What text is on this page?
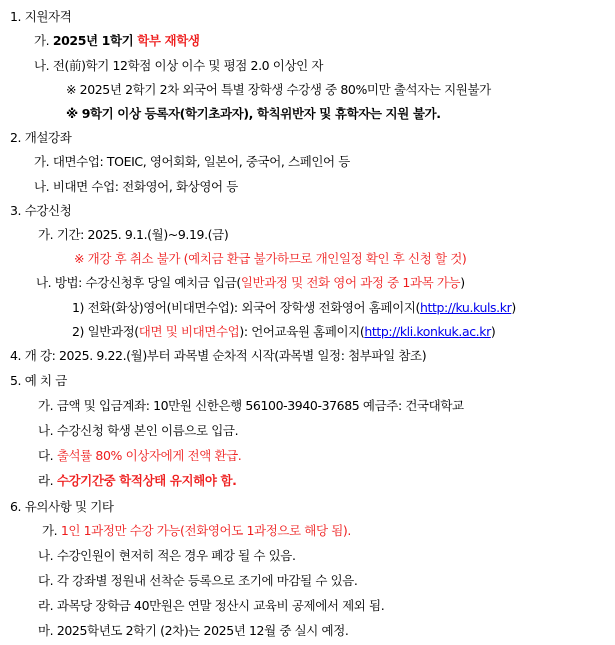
1. 지원자격
가. 2025년 1학기 학부 재학생
나. 전(前)학기 12학점 이상 이수 및 평점 2.0 이상인 자
※ 2025년 2학기 2차 외국어 특별 장학생 수강생 중 80%미만 출석자는 지원불가
※ 9학기 이상 등록자(학기초과자), 학칙위반자 및 휴학자는 지원 불가.
2. 개설강좌
가. 대면수업: TOEIC, 영어회화, 일본어, 중국어, 스페인어 등
나. 비대면 수업: 전화영어, 화상영어 등
3. 수강신청
가. 기간: 2025. 9.1.(월)~9.19.(금)
※ 개강 후 취소 불가 (예치금 환급 불가하므로 개인일정 확인 후 신청 할 것)
나. 방법: 수강신청후 당일 예치금 입금(일반과정 및 전화 영어 과정 중 1과목 가능)
1) 전화(화상)영어(비대면수업): 외국어 장학생 전화영어 홈페이지(http://ku.kuls.kr)
2) 일반과정(대면 및 비대면수업): 언어교육원 홈페이지(http://kli.konkuk.ac.kr)
4. 개 강: 2025. 9.22.(월)부터 과목별 순차적 시작(과목별 일정: 첨부파일 참조)
5. 예 치 금
가. 금액 및 입금계좌: 10만원 신한은행 56100-3940-37685 예금주: 건국대학교
나. 수강신청 학생 본인 이름으로 입금.
다. 출석률 80% 이상자에게 전액 환급.
라. 수강기간중 학적상태 유지해야 함.
6. 유의사항 및 기타
가. 1인 1과정만 수강 가능(전화영어도 1과정으로 해당 됨).
나. 수강인원이 현저히 적은 경우 폐강 될 수 있음.
다. 각 강좌별 정원내 선착순 등록으로 조기에 마감될 수 있음.
라. 과목당 장학금 40만원은 연말 정산시 교육비 공제에서 제외 됨.
마. 2025학년도 2학기 (2차)는 2025년 12월 중 실시 예정.
